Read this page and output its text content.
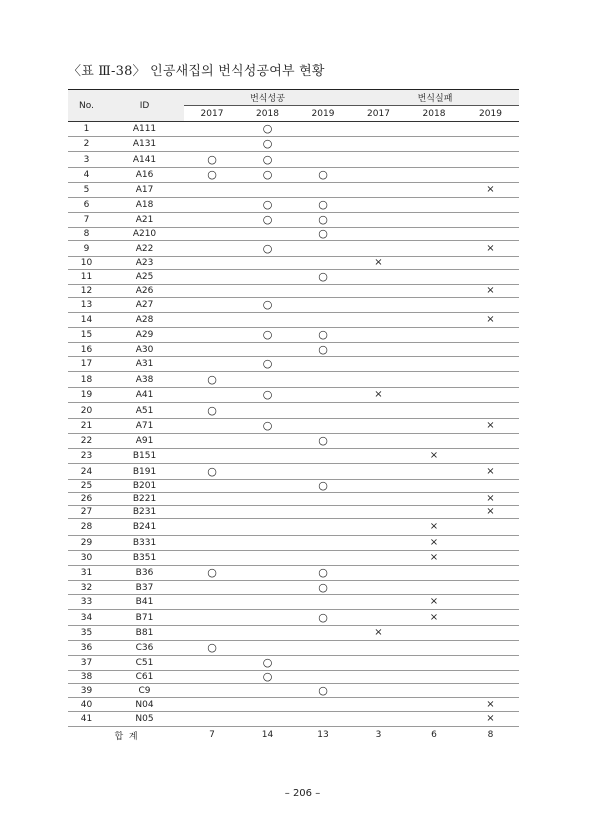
〈표 Ⅲ-38〉 인공새집의 번식성공여부 현황
No.	ID	번식성공			번식실패		
		2017	2018	2019	2017	2018	2019
1	A111		○				
2	A131		○				
3	A141	○	○				
4	A16	○	○	○			
5	A17						×
6	A18		○	○			
7	A21		○	○			
8	A210			○			
9	A22		○				×
10	A23				×		
11	A25			○			
12	A26						×
13	A27		○				
14	A28						×
15	A29		○	○			
16	A30			○			
17	A31		○				
18	A38	○					
19	A41		○		×		
20	A51	○					
21	A71		○				×
22	A91			○			
23	B151					×	
24	B191	○					×
25	B201			○			
26	B221						×
27	B231						×
28	B241					×	
29	B331					×	
30	B351					×	
31	B36	○		○			
32	B37			○			
33	B41					×	
34	B71			○		×	
35	B81				×		
36	C36	○					
37	C51		○				
38	C61		○				
39	C9			○			
40	N04						×
41	N05						×
합  계		7	14	13	3	6	8
– 206 –
